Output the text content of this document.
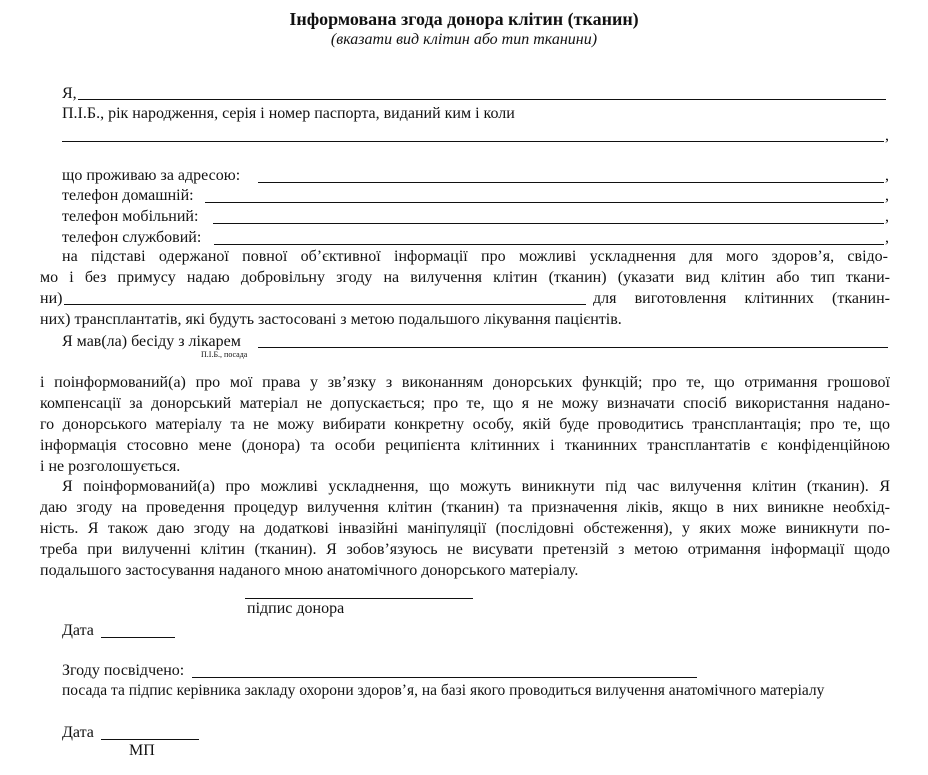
Інформована згода донора клітин (тканин)
(вказати вид клітин або тип тканини)
Я,
П.І.Б., рік народження, серія і номер паспорта, виданий ким і коли
,
що проживаю за адресою:	,
телефон домашній:	,
телефон мобільний:	,
телефон службовий:	,
на підставі одержаної повної об’єктивної інформації про можливі ускладнення для мого здоров’я, свідо-
мо і без примусу надаю добровільну згоду на вилучення клітин (тканин) (указати вид клітин або тип ткани-
ни)	для виготовлення клітинних (тканин-
них) трансплантатів, які будуть застосовані з метою подальшого лікування пацієнтів.
Я мав(ла) бесіду з лікарем
П.І.Б., посада
і поінформований(а) про мої права у зв’язку з виконанням донорських функцій; про те, що отримання грошової
компенсації за донорський матеріал не допускається; про те, що я не можу визначати спосіб використання надано-
го донорського матеріалу та не можу вибирати конкретну особу, якій буде проводитись трансплантація; про те, що
інформація стосовно мене (донора) та особи реципієнта клітинних і тканинних трансплантатів є конфіденційною
і не розголошується.
Я поінформований(а) про можливі ускладнення, що можуть виникнути під час вилучення клітин (тканин). Я
даю згоду на проведення процедур вилучення клітин (тканин) та призначення ліків, якщо в них виникне необхід-
ність. Я також даю згоду на додаткові інвазійні маніпуляції (послідовні обстеження), у яких може виникнути по-
треба при вилученні клітин (тканин). Я зобов’язуюсь не висувати претензій з метою отримання інформації щодо
подальшого застосування наданого мною анатомічного донорського матеріалу.
підпис донора
Дата
Згоду посвідчено:
посада та підпис керівника закладу охорони здоров’я, на базі якого проводиться вилучення анатомічного матеріалу
Дата
МП
